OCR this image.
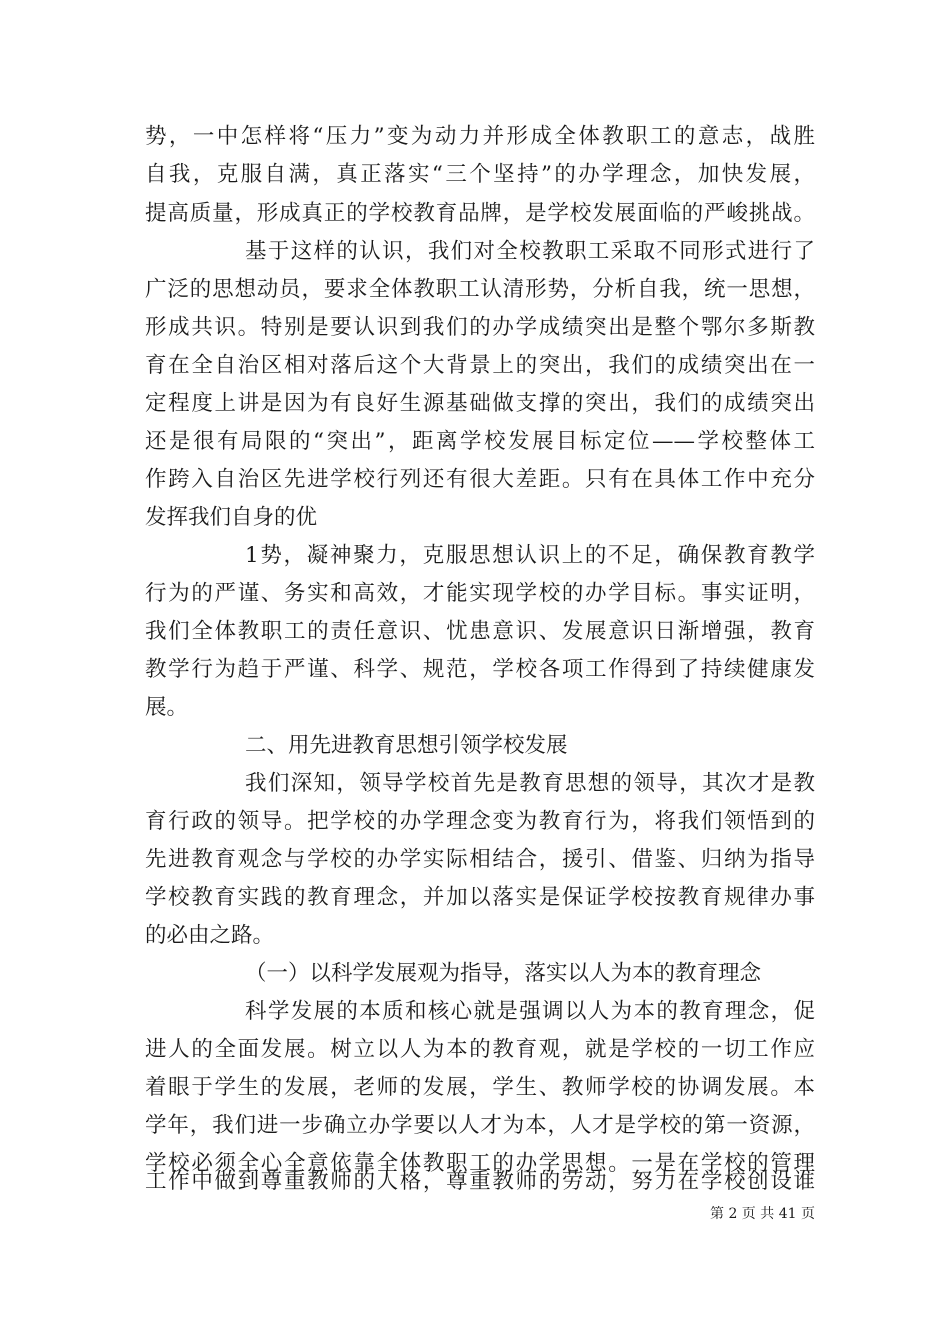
势，一中怎样将“压力”变为动力并形成全体教职工的意志，战胜
自我，克服自满，真正落实“三个坚持”的办学理念，加快发展，
提高质量，形成真正的学校教育品牌，是学校发展面临的严峻挑战。
基于这样的认识，我们对全校教职工采取不同形式进行了
广泛的思想动员，要求全体教职工认清形势，分析自我，统一思想，
形成共识。特别是要认识到我们的办学成绩突出是整个鄂尔多斯教
育在全自治区相对落后这个大背景上的突出，我们的成绩突出在一
定程度上讲是因为有良好生源基础做支撑的突出，我们的成绩突出
还是很有局限的“突出”，距离学校发展目标定位——学校整体工
作跨入自治区先进学校行列还有很大差距。只有在具体工作中充分
发挥我们自身的优
1势，凝神聚力，克服思想认识上的不足，确保教育教学
行为的严谨、务实和高效，才能实现学校的办学目标。事实证明，
我们全体教职工的责任意识、忧患意识、发展意识日渐增强，教育
教学行为趋于严谨、科学、规范，学校各项工作得到了持续健康发
展。
二、用先进教育思想引领学校发展
我们深知，领导学校首先是教育思想的领导，其次才是教
育行政的领导。把学校的办学理念变为教育行为，将我们领悟到的
先进教育观念与学校的办学实际相结合，援引、借鉴、归纳为指导
学校教育实践的教育理念，并加以落实是保证学校按教育规律办事
的必由之路。
（一）以科学发展观为指导，落实以人为本的教育理念
科学发展的本质和核心就是强调以人为本的教育理念，促
进人的全面发展。树立以人为本的教育观，就是学校的一切工作应
着眼于学生的发展，老师的发展，学生、教师学校的协调发展。本
学年，我们进一步确立办学要以人才为本，人才是学校的第一资源，
学校必须全心全意依靠全体教职工的办学思想。一是在学校的管理
工作中做到尊重教师的人格，尊重教师的劳动，努力在学校创设谁
第 2 页 共 41 页
